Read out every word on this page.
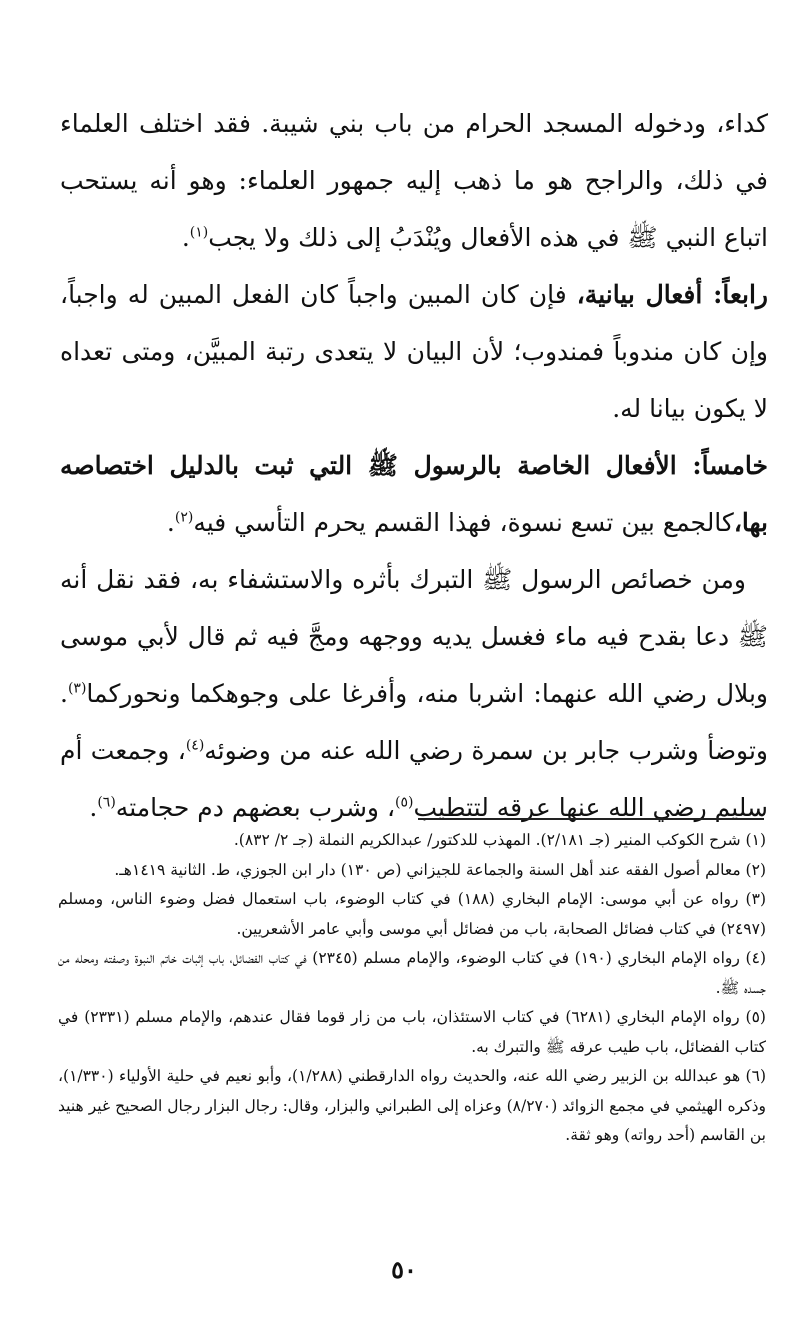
كداء، ودخوله المسجد الحرام من باب بني شيبة. فقد اختلف العلماء في ذلك، والراجح هو ما ذهب إليه جمهور العلماء: وهو أنه يستحب اتباع النبي ﷺ في هذه الأفعال ويُنْدَبُ إلى ذلك ولا يجب$^{(١)}$.

رابعاً: أفعال بيانية، فإن كان المبين واجباً كان الفعل المبين له واجباً، وإن كان مندوباً فمندوب؛ لأن البيان لا يتعدى رتبة المبيَّن، ومتى تعداه لا يكون بيانا له.

خامساً: الأفعال الخاصة بالرسول ﷺ التي ثبت بالدليل اختصاصه بها،كالجمع بين تسع نسوة، فهذا القسم يحرم التأسي فيه$^{(٢)}$.

ومن خصائص الرسول ﷺ التبرك بأثره والاستشفاء به، فقد نقل أنه ﷺ دعا بقدح فيه ماء فغسل يديه ووجهه ومجَّ فيه ثم قال لأبي موسى وبلال رضي الله عنهما: اشربا منه، وأفرغا على وجوهكما ونحوركما$^{(٣)}$. وتوضأ وشرب جابر بن سمرة رضي الله عنه من وضوئه$^{(٤)}$، وجمعت أم سليم رضي الله عنها عرقه لتتطيب$^{(٥)}$، وشرب بعضهم دم حجامته$^{(٦)}$.

(١) شرح الكوكب المنير (جـ ٢/١٨١). المهذب للدكتور/ عبدالكريم النملة (جـ ٢/ ٨٣٢).

(٢) معالم أصول الفقه عند أهل السنة والجماعة للجيزاني (ص ١٣٠) دار ابن الجوزي، ط. الثانية ١٤١٩هـ.

(٣) رواه عن أبي موسى: الإمام البخاري (١٨٨) في كتاب الوضوء، باب استعمال فضل وضوء الناس، ومسلم (٢٤٩٧) في كتاب فضائل الصحابة، باب من فضائل أبي موسى وأبي عامر الأشعريين.

(٤) رواه الإمام البخاري (١٩٠) في كتاب الوضوء، والإمام مسلم (٢٣٤٥) في كتاب الفضائل، باب إثبات خاتم النبوة وصفته ومحله من جسده ﷺ.

(٥) رواه الإمام البخاري (٦٢٨١) في كتاب الاستئذان، باب من زار قوما فقال عندهم، والإمام مسلم (٢٣٣١) في كتاب الفضائل، باب طيب عرقه ﷺ والتبرك به.

(٦) هو عبدالله بن الزبير رضي الله عنه، والحديث رواه الدارقطني (١/٢٨٨)، وأبو نعيم في حلية الأولياء (١/٣٣٠)، وذكره الهيثمي في مجمع الزوائد (٨/٢٧٠) وعزاه إلى الطبراني والبزار، وقال: رجال البزار رجال الصحيح غير هنيد بن القاسم (أحد رواته) وهو ثقة.

٥٠
